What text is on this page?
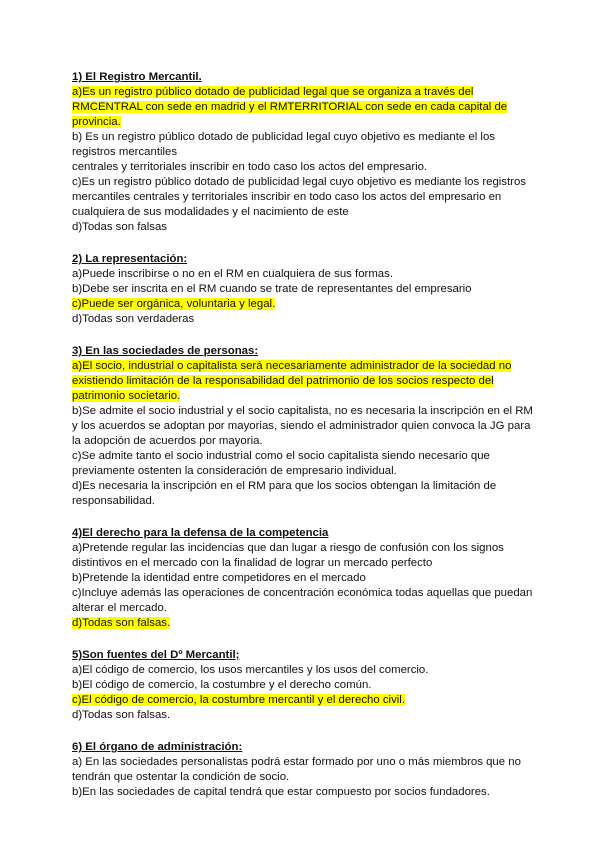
1) El Registro Mercantil.

a)Es un registro público dotado de publicidad legal que se organiza a través del RMCENTRAL con sede en madrid y el RMTERRITORIAL con sede en cada capital de provincia.

b) Es un registro público dotado de publicidad legal cuyo objetivo es mediante el los registros mercantiles

centrales y territoriales inscribir en todo caso los actos del empresario.

c)Es un registro público dotado de publicidad legal cuyo objetivo es mediante los registros mercantiles centrales y territoriales inscribir en todo caso los actos del empresario en cualquiera de sus modalidades y el nacimiento de este

d)Todas son falsas

2) La representación:

a)Puede inscribirse o no en el RM en cualquiera de sus formas.

b)Debe ser inscrita en el RM cuando se trate de representantes del empresario

c)Puede ser orgánica, voluntaria y legal.

d)Todas son verdaderas

3) En las sociedades de personas:

a)El socio, industrial o capitalista será necesariamente administrador de la sociedad no existiendo limitación de la responsabilidad del patrimonio de los socios respecto del patrimonio societario.

b)Se admite el socio industrial y el socio capitalista, no es necesaria la inscripción en el RM y los acuerdos se adoptan por mayorias, siendo el administrador quien convoca la JG para la adopción de acuerdos por mayoria.

c)Se admite tanto el socio industrial como el socio capitalista siendo necesario que previamente ostenten la consideración de empresario individual.

d)Es necesaria la inscripción en el RM para que los socios obtengan la limitación de responsabilidad.

4)El derecho para la defensa de la competencia

a)Pretende regular las incidencias que dan lugar a riesgo de confusión con los signos distintivos en el mercado con la finalidad de lograr un mercado perfecto

b)Pretende la identidad entre competidores en el mercado

c)Incluye además las operaciones de concentración económica todas aquellas que puedan alterar el mercado.

d)Todas son falsas.

5)Son fuentes del Dº Mercantil;

a)El código de comercio, los usos mercantiles y los usos del comercio.

b)El código de comercio, la costumbre y el derecho común.

c)El código de comercio, la costumbre mercantil y el derecho civil.

d)Todas son falsas.

6) El órgano de administración:

a) En las sociedades personalistas podrá estar formado por uno o más miembros que no tendrán que ostentar la condición de socio.

b)En las sociedades de capital tendrá que estar compuesto por socios fundadores.
